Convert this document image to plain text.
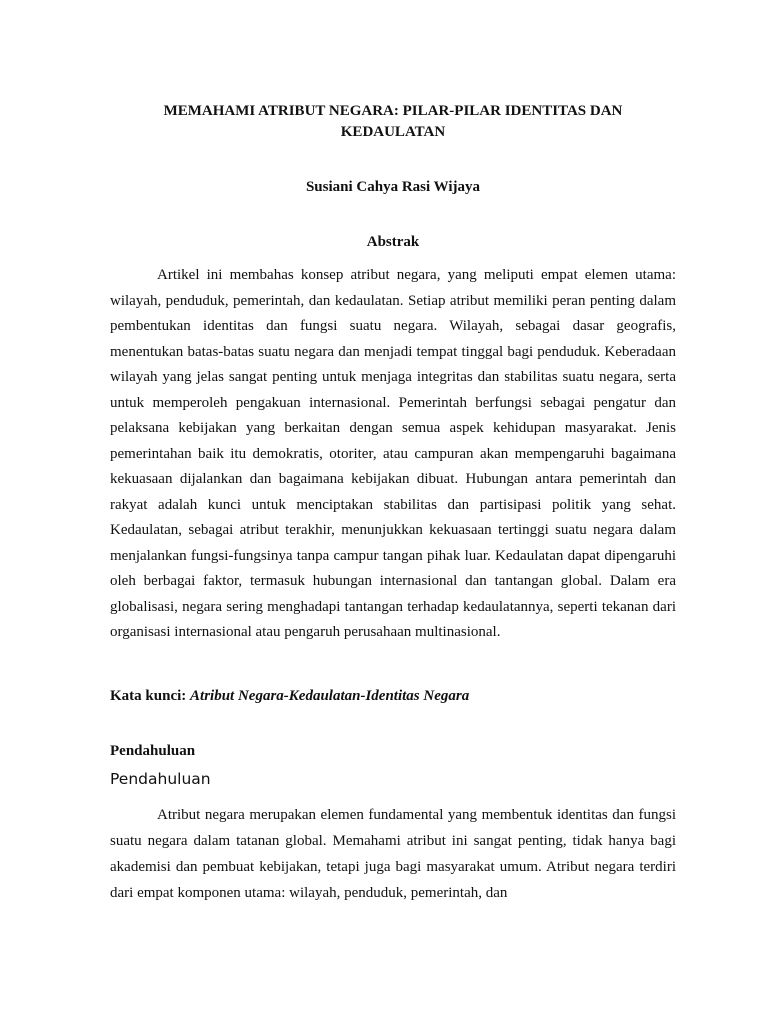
MEMAHAMI ATRIBUT NEGARA: PILAR-PILAR IDENTITAS DAN KEDAULATAN
Susiani Cahya Rasi Wijaya
Abstrak

Artikel ini membahas konsep atribut negara, yang meliputi empat elemen utama: wilayah, penduduk, pemerintah, dan kedaulatan. Setiap atribut memiliki peran penting dalam pembentukan identitas dan fungsi suatu negara. Wilayah, sebagai dasar geografis, menentukan batas-batas suatu negara dan menjadi tempat tinggal bagi penduduk. Keberadaan wilayah yang jelas sangat penting untuk menjaga integritas dan stabilitas suatu negara, serta untuk memperoleh pengakuan internasional. Pemerintah berfungsi sebagai pengatur dan pelaksana kebijakan yang berkaitan dengan semua aspek kehidupan masyarakat. Jenis pemerintahan baik itu demokratis, otoriter, atau campuran akan mempengaruhi bagaimana kekuasaan dijalankan dan bagaimana kebijakan dibuat. Hubungan antara pemerintah dan rakyat adalah kunci untuk menciptakan stabilitas dan partisipasi politik yang sehat. Kedaulatan, sebagai atribut terakhir, menunjukkan kekuasaan tertinggi suatu negara dalam menjalankan fungsi-fungsinya tanpa campur tangan pihak luar. Kedaulatan dapat dipengaruhi oleh berbagai faktor, termasuk hubungan internasional dan tantangan global. Dalam era globalisasi, negara sering menghadapi tantangan terhadap kedaulatannya, seperti tekanan dari organisasi internasional atau pengaruh perusahaan multinasional.

Kata kunci: Atribut Negara-Kedaulatan-Identitas Negara
Pendahuluan
Pendahuluan

Atribut negara merupakan elemen fundamental yang membentuk identitas dan fungsi suatu negara dalam tatanan global. Memahami atribut ini sangat penting, tidak hanya bagi akademisi dan pembuat kebijakan, tetapi juga bagi masyarakat umum. Atribut negara terdiri dari empat komponen utama: wilayah, penduduk, pemerintah, dan
